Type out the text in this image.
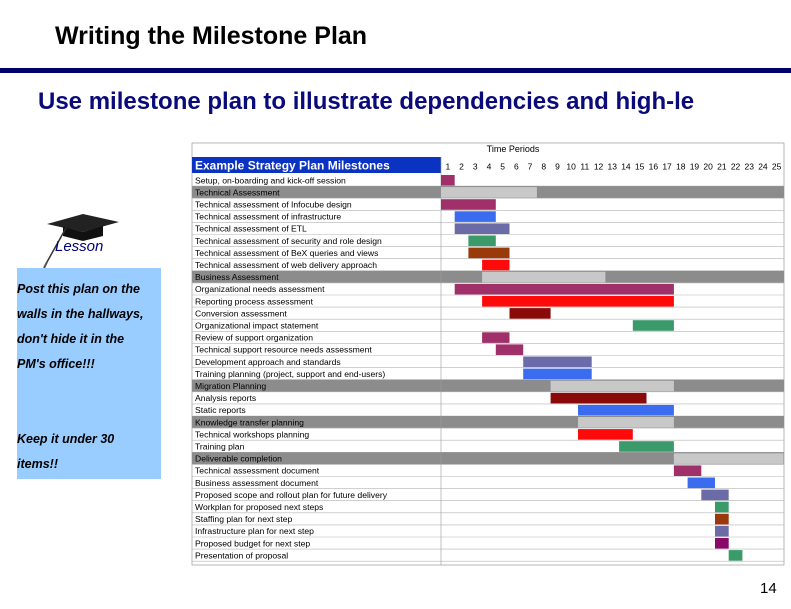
Writing the Milestone Plan
Use milestone plan to illustrate dependencies and high-le
Lesson
Post this plan on the
walls in the hallways,
don't hide it in the
PM's office!!!
Keep it under 30
items!!
Example Strategy Plan Milestones
Time Periods
1 2 3 4 5 6 7 8 9 10 11 12 13 14 15 16 17 18 19 20 21 22 23 24 25
Setup, on-boarding and kick-off session
Technical Assessment
Technical assessment of Infocube design
Technical assessment of infrastructure
Technical assessment of ETL
Technical assessment of security and role design
Technical assessment of BeX queries and views
Technical assessment of web delivery approach
Business Assessment
Organizational needs assessment
Reporting process assessment
Conversion assessment
Organizational impact statement
Review of support organization
Technical support resource needs assessment
Development approach and standards
Training planning (project, support and end-users)
Migration Planning
Analysis reports
Static reports
Knowledge transfer planning
Technical workshops planning
Training plan
Deliverable completion
Technical assessment document
Business assessment document
Proposed scope and rollout plan for future delivery
Workplan for proposed next steps
Staffing plan for next step
Infrastructure plan for next step
Proposed budget for next step
Presentation of proposal
14
